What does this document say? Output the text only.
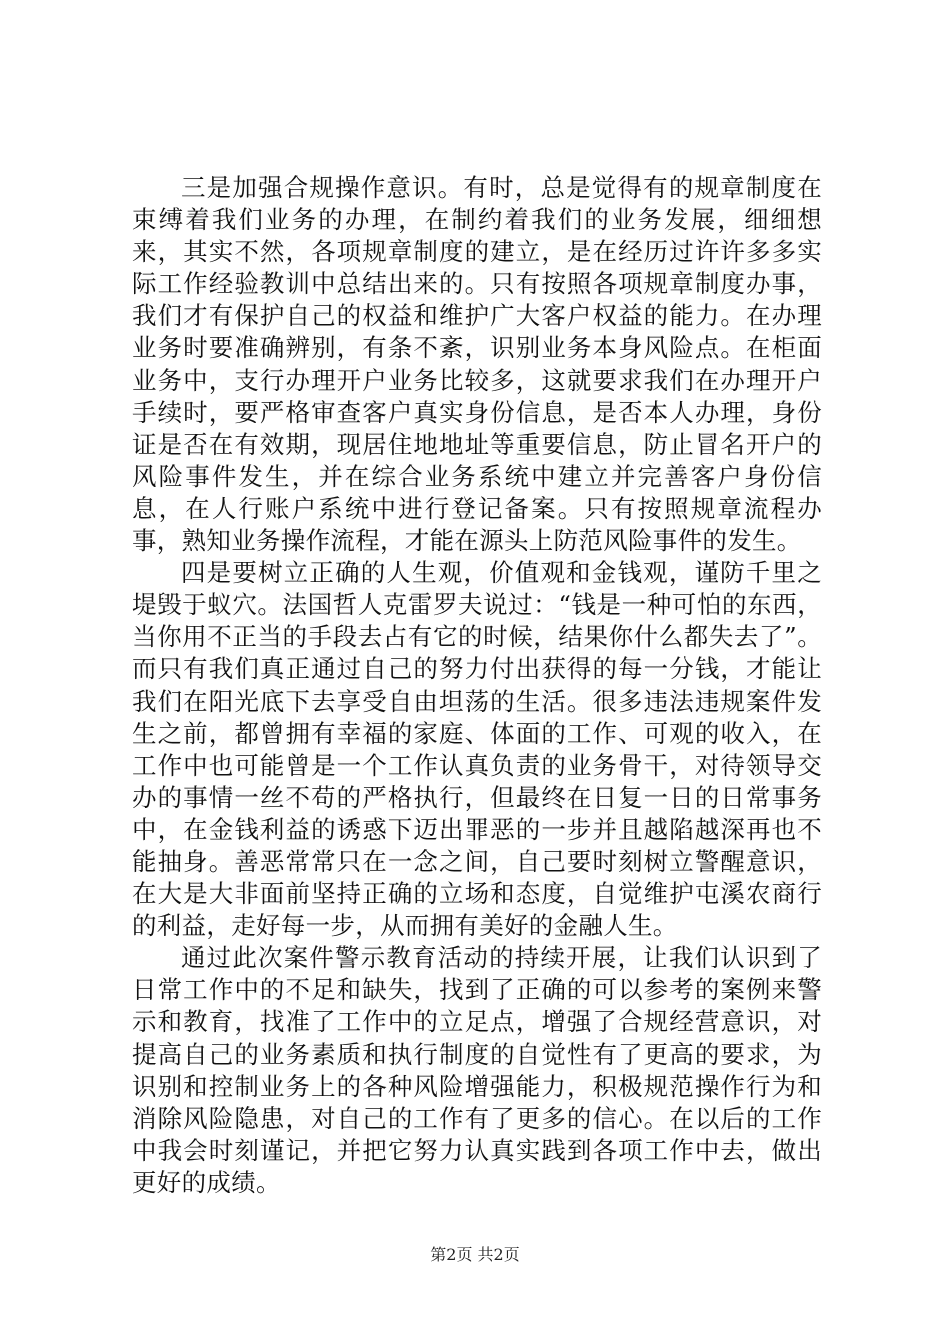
三是加强合规操作意识。有时，总是觉得有的规章制度在束缚着我们业务的办理，在制约着我们的业务发展，细细想来，其实不然，各项规章制度的建立，是在经历过许许多多实际工作经验教训中总结出来的。只有按照各项规章制度办事，我们才有保护自己的权益和维护广大客户权益的能力。在办理业务时要准确辨别，有条不紊，识别业务本身风险点。在柜面业务中，支行办理开户业务比较多，这就要求我们在办理开户手续时，要严格审查客户真实身份信息，是否本人办理，身份证是否在有效期，现居住地地址等重要信息，防止冒名开户的风险事件发生，并在综合业务系统中建立并完善客户身份信息，在人行账户系统中进行登记备案。只有按照规章流程办事，熟知业务操作流程，才能在源头上防范风险事件的发生。

四是要树立正确的人生观，价值观和金钱观，谨防千里之堤毁于蚁穴。法国哲人克雷罗夫说过：“钱是一种可怕的东西，当你用不正当的手段去占有它的时候，结果你什么都失去了”。而只有我们真正通过自己的努力付出获得的每一分钱，才能让我们在阳光底下去享受自由坦荡的生活。很多违法违规案件发生之前，都曾拥有幸福的家庭、体面的工作、可观的收入，在工作中也可能曾是一个工作认真负责的业务骨干，对待领导交办的事情一丝不苟的严格执行，但最终在日复一日的日常事务中，在金钱利益的诱惑下迈出罪恶的一步并且越陷越深再也不能抽身。善恶常常只在一念之间，自己要时刻树立警醒意识，在大是大非面前坚持正确的立场和态度，自觉维护屯溪农商行的利益，走好每一步，从而拥有美好的金融人生。

通过此次案件警示教育活动的持续开展，让我们认识到了日常工作中的不足和缺失，找到了正确的可以参考的案例来警示和教育，找准了工作中的立足点，增强了合规经营意识，对提高自己的业务素质和执行制度的自觉性有了更高的要求，为识别和控制业务上的各种风险增强能力，积极规范操作行为和消除风险隐患，对自己的工作有了更多的信心。在以后的工作中我会时刻谨记，并把它努力认真实践到各项工作中去，做出更好的成绩。

第2页 共2页
